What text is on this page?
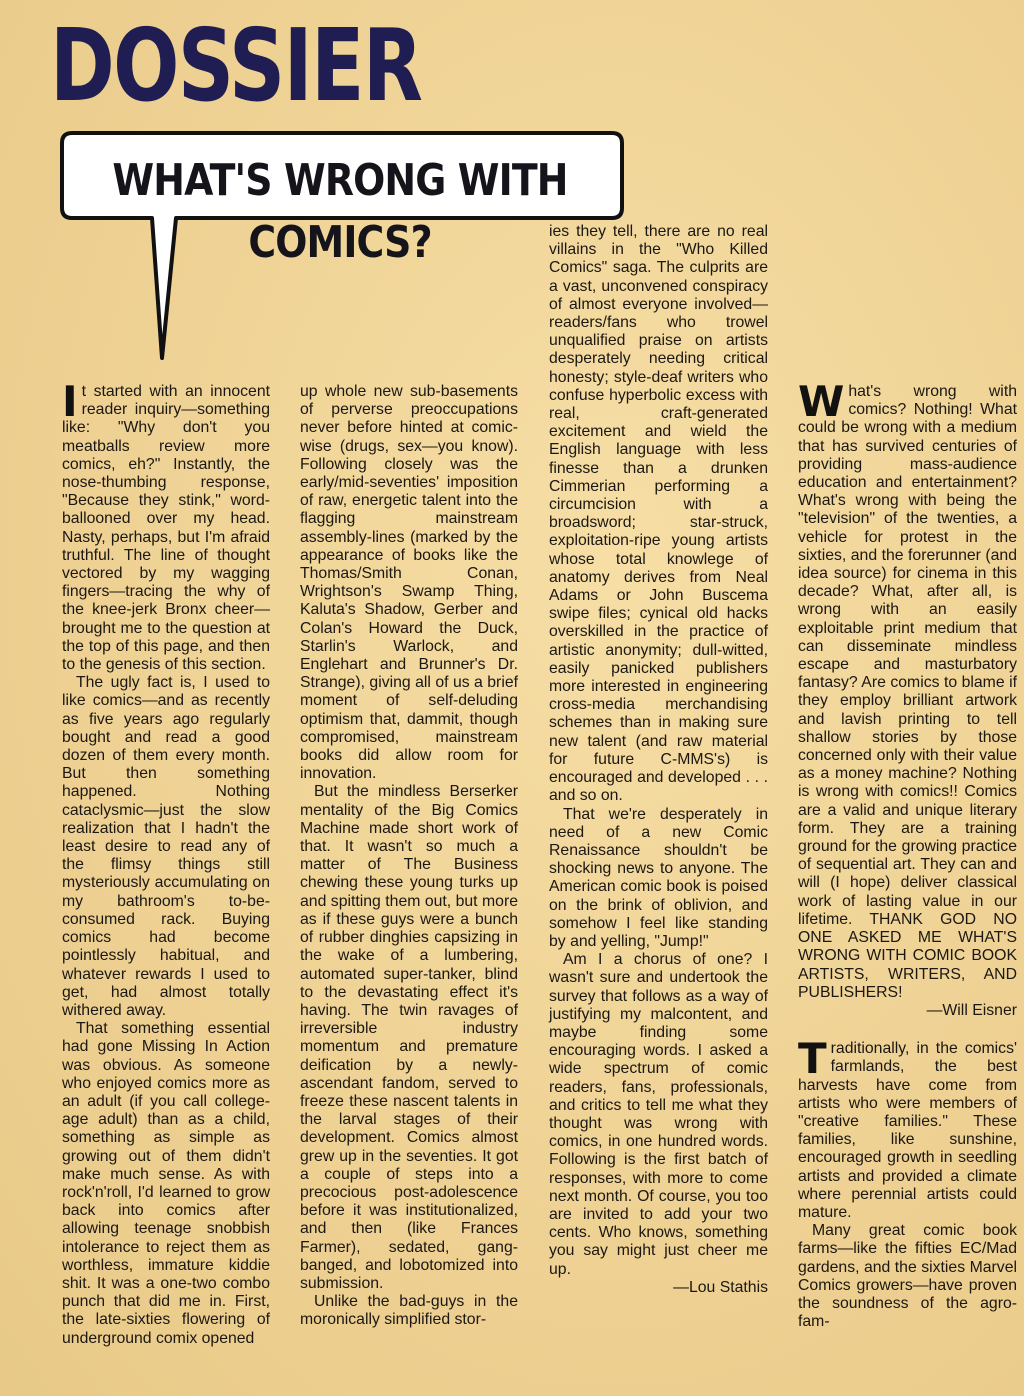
DOSSIER
WHAT'S WRONG WITH COMICS?

It started with an innocent reader inquiry—something like: "Why don't you meatballs review more comics, eh?" Instantly, the nose-thumbing response, "Because they stink," word-ballooned over my head. Nasty, perhaps, but I'm afraid truthful. The line of thought vectored by my wagging fingers—tracing the why of the knee-jerk Bronx cheer—brought me to the question at the top of this page, and then to the genesis of this section.

The ugly fact is, I used to like comics—and as recently as five years ago regularly bought and read a good dozen of them every month. But then something happened. Nothing cataclysmic—just the slow realization that I hadn't the least desire to read any of the flimsy things still mysteriously accumulating on my bathroom's to-be-consumed rack. Buying comics had become pointlessly habitual, and whatever rewards I used to get, had almost totally withered away.

That something essential had gone Missing In Action was obvious. As someone who enjoyed comics more as an adult (if you call college-age adult) than as a child, something as simple as growing out of them didn't make much sense. As with rock'n'roll, I'd learned to grow back into comics after allowing teenage snobbish intolerance to reject them as worthless, immature kiddie shit. It was a one-two combo punch that did me in. First, the late-sixties flowering of underground comix opened

up whole new sub-basements of perverse preoccupations never before hinted at comic-wise (drugs, sex—you know). Following closely was the early/mid-seventies' imposition of raw, energetic talent into the flagging mainstream assembly-lines (marked by the appearance of books like the Thomas/Smith Conan, Wrightson's Swamp Thing, Kaluta's Shadow, Gerber and Colan's Howard the Duck, Starlin's Warlock, and Englehart and Brunner's Dr. Strange), giving all of us a brief moment of self-deluding optimism that, dammit, though compromised, mainstream books did allow room for innovation.

But the mindless Berserker mentality of the Big Comics Machine made short work of that. It wasn't so much a matter of The Business chewing these young turks up and spitting them out, but more as if these guys were a bunch of rubber dinghies capsizing in the wake of a lumbering, automated super-tanker, blind to the devastating effect it's having. The twin ravages of irreversible industry momentum and premature deification by a newly-ascendant fandom, served to freeze these nascent talents in the larval stages of their development. Comics almost grew up in the seventies. It got a couple of steps into a precocious post-adolescence before it was institutionalized, and then (like Frances Farmer), sedated, gang-banged, and lobotomized into submission.

Unlike the bad-guys in the moronically simplified stor-

ies they tell, there are no real villains in the "Who Killed Comics" saga. The culprits are a vast, unconvened conspiracy of almost everyone involved—readers/fans who trowel unqualified praise on artists desperately needing critical honesty; style-deaf writers who confuse hyperbolic excess with real, craft-generated excitement and wield the English language with less finesse than a drunken Cimmerian performing a circumcision with a broadsword; star-struck, exploitation-ripe young artists whose total knowlege of anatomy derives from Neal Adams or John Buscema swipe files; cynical old hacks overskilled in the practice of artistic anonymity; dull-witted, easily panicked publishers more interested in engineering cross-media merchandising schemes than in making sure new talent (and raw material for future C-MMS's) is encouraged and developed . . . and so on.

That we're desperately in need of a new Comic Renaissance shouldn't be shocking news to anyone. The American comic book is poised on the brink of oblivion, and somehow I feel like standing by and yelling, "Jump!"

Am I a chorus of one? I wasn't sure and undertook the survey that follows as a way of justifying my malcontent, and maybe finding some encouraging words. I asked a wide spectrum of comic readers, fans, professionals, and critics to tell me what they thought was wrong with comics, in one hundred words. Following is the first batch of responses, with more to come next month. Of course, you too are invited to add your two cents. Who knows, something you say might just cheer me up.

—Lou Stathis

What's wrong with comics? Nothing! What could be wrong with a medium that has survived centuries of providing mass-audience education and entertainment? What's wrong with being the "television" of the twenties, a vehicle for protest in the sixties, and the forerunner (and idea source) for cinema in this decade? What, after all, is wrong with an easily exploitable print medium that can disseminate mindless escape and masturbatory fantasy? Are comics to blame if they employ brilliant artwork and lavish printing to tell shallow stories by those concerned only with their value as a money machine? Nothing is wrong with comics!! Comics are a valid and unique literary form. They are a training ground for the growing practice of sequential art. They can and will (I hope) deliver classical work of lasting value in our lifetime. THANK GOD NO ONE ASKED ME WHAT'S WRONG WITH COMIC BOOK ARTISTS, WRITERS, AND PUBLISHERS!

—Will Eisner

Traditionally, in the comics' farmlands, the best harvests have come from artists who were members of "creative families." These families, like sunshine, encouraged growth in seedling artists and provided a climate where perennial artists could mature.

Many great comic book farms—like the fifties EC/Mad gardens, and the sixties Marvel Comics growers—have proven the soundness of the agro-fam-
